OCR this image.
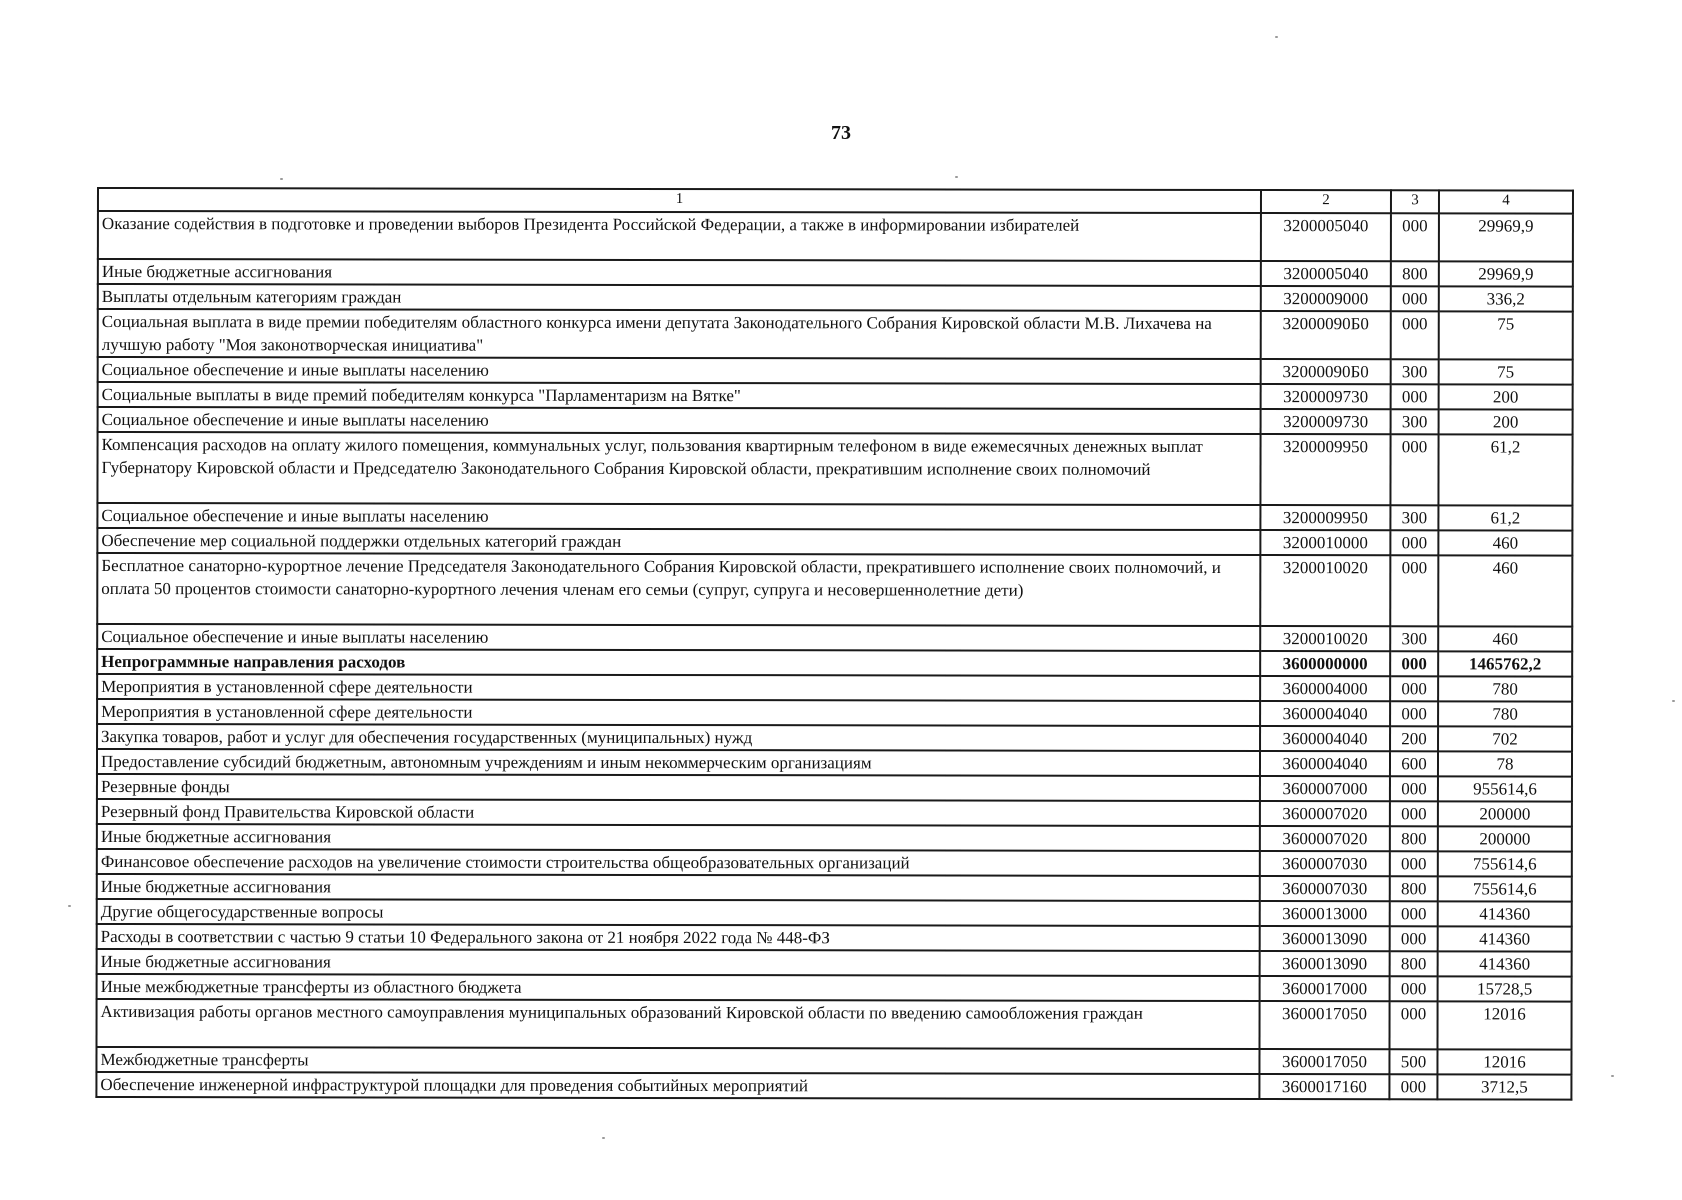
73
1	2	3	4
Оказание содействия в подготовке и проведении выборов Президента Российской Федерации, а также в информировании избирателей	3200005040	000	29969,9
Иные бюджетные ассигнования	3200005040	800	29969,9
Выплаты отдельным категориям граждан	3200009000	000	336,2
Социальная выплата в виде премии победителям областного конкурса имени депутата Законодательного Собрания Кировской области М.В. Лихачева на лучшую работу "Моя законотворческая инициатива"	32000090Б0	000	75
Социальное обеспечение и иные выплаты населению	32000090Б0	300	75
Социальные выплаты в виде премий победителям конкурса "Парламентаризм на Вятке"	3200009730	000	200
Социальное обеспечение и иные выплаты населению	3200009730	300	200
Компенсация расходов на оплату жилого помещения, коммунальных услуг, пользования квартирным телефоном в виде ежемесячных денежных выплат Губернатору Кировской области и Председателю Законодательного Собрания Кировской области, прекратившим исполнение своих полномочий	3200009950	000	61,2
Социальное обеспечение и иные выплаты населению	3200009950	300	61,2
Обеспечение мер социальной поддержки отдельных категорий граждан	3200010000	000	460
Бесплатное санаторно-курортное лечение Председателя Законодательного Собрания Кировской области, прекратившего исполнение своих полномочий, и оплата 50 процентов стоимости санаторно-курортного лечения членам его семьи (супруг, супруга и несовершеннолетние дети)	3200010020	000	460
Социальное обеспечение и иные выплаты населению	3200010020	300	460
Непрограммные направления расходов	3600000000	000	1465762,2
Мероприятия в установленной сфере деятельности	3600004000	000	780
Мероприятия в установленной сфере деятельности	3600004040	000	780
Закупка товаров, работ и услуг для обеспечения государственных (муниципальных) нужд	3600004040	200	702
Предоставление субсидий бюджетным, автономным учреждениям и иным некоммерческим организациям	3600004040	600	78
Резервные фонды	3600007000	000	955614,6
Резервный фонд Правительства Кировской области	3600007020	000	200000
Иные бюджетные ассигнования	3600007020	800	200000
Финансовое обеспечение расходов на увеличение стоимости строительства общеобразовательных организаций	3600007030	000	755614,6
Иные бюджетные ассигнования	3600007030	800	755614,6
Другие общегосударственные вопросы	3600013000	000	414360
Расходы в соответствии с частью 9 статьи 10 Федерального закона от 21 ноября 2022 года № 448-ФЗ	3600013090	000	414360
Иные бюджетные ассигнования	3600013090	800	414360
Иные межбюджетные трансферты из областного бюджета	3600017000	000	15728,5
Активизация работы органов местного самоуправления муниципальных образований Кировской области по введению самообложения граждан	3600017050	000	12016
Межбюджетные трансферты	3600017050	500	12016
Обеспечение инженерной инфраструктурой площадки для проведения событийных мероприятий	3600017160	000	3712,5
